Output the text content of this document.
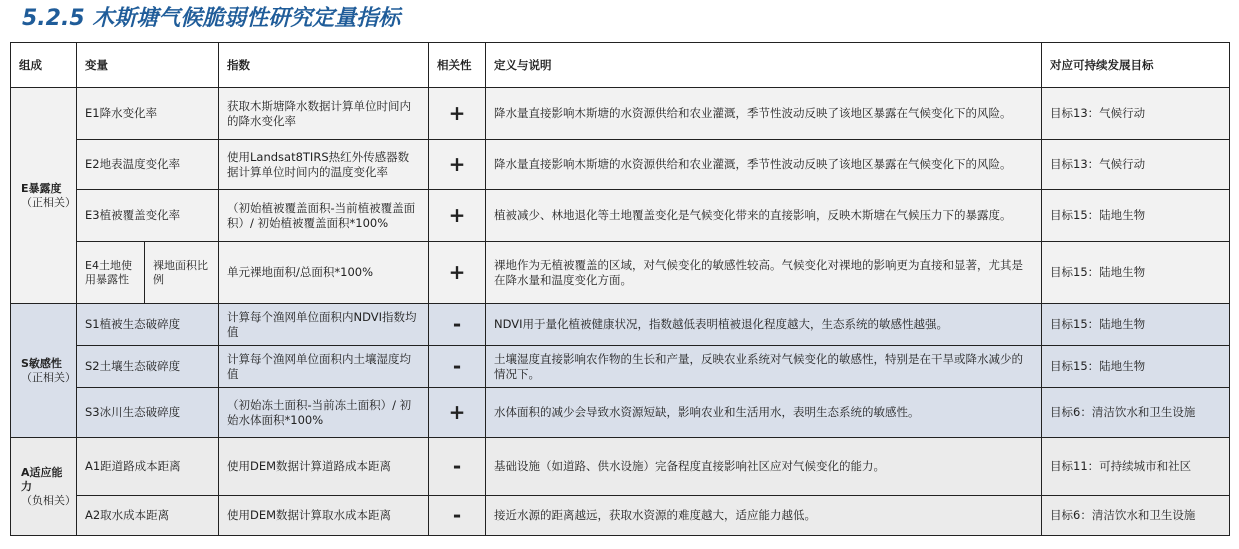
5.2.5 木斯塘气候脆弱性研究定量指标
组成	变量		指数	相关性	定义与说明	对应可持续发展目标
E暴露度
（正相关）	E1降水变化率		获取木斯塘降水数据计算单位时间内的降水变化率	+	降水量直接影响木斯塘的水资源供给和农业灌溉，季节性波动反映了该地区暴露在气候变化下的风险。	目标13：气候行动
	E2地表温度变化率		使用Landsat8TIRS热红外传感器数据计算单位时间内的温度变化率	+	降水量直接影响木斯塘的水资源供给和农业灌溉，季节性波动反映了该地区暴露在气候变化下的风险。	目标13：气候行动
	E3植被覆盖变化率		（初始植被覆盖面积-当前植被覆盖面积）/ 初始植被覆盖面积*100%	+	植被减少、林地退化等土地覆盖变化是气候变化带来的直接影响，反映木斯塘在气候压力下的暴露度。	目标15：陆地生物
	E4土地使用暴露性	裸地面积比例	单元裸地面积/总面积*100%	+	裸地作为无植被覆盖的区域，对气候变化的敏感性较高。气候变化对裸地的影响更为直接和显著，尤其是在降水量和温度变化方面。	目标15：陆地生物
S敏感性
（正相关）	S1植被生态破碎度		计算每个渔网单位面积内NDVI指数均值	-	NDVI用于量化植被健康状况，指数越低表明植被退化程度越大，生态系统的敏感性越强。	目标15：陆地生物
	S2土壤生态破碎度		计算每个渔网单位面积内土壤湿度均值	-	土壤湿度直接影响农作物的生长和产量，反映农业系统对气候变化的敏感性，特别是在干旱或降水减少的情况下。	目标15：陆地生物
	S3冰川生态破碎度		（初始冻土面积-当前冻土面积）/ 初始水体面积*100%	+	水体面积的减少会导致水资源短缺，影响农业和生活用水，表明生态系统的敏感性。	目标6：清洁饮水和卫生设施
A适应能力
（负相关）	A1距道路成本距离		使用DEM数据计算道路成本距离	-	基础设施（如道路、供水设施）完备程度直接影响社区应对气候变化的能力。	目标11：可持续城市和社区
	A2取水成本距离		使用DEM数据计算取水成本距离	-	接近水源的距离越远，获取水资源的难度越大，适应能力越低。	目标6：清洁饮水和卫生设施
